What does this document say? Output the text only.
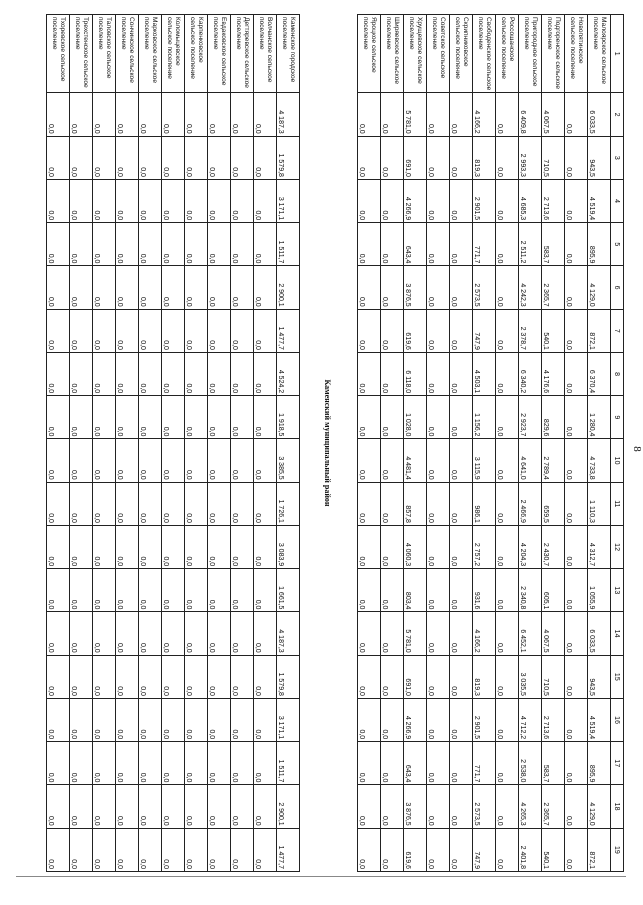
8
1	2	3	4	5	6	7	8	9	10	11	12	13	14	15	16	17	18	19
Малоярское сельское поселение	6 033,5	943,5	4 519,4	895,9	4 129,0	872,1	6 370,4	1 280,4	4 733,8	1 110,3	4 312,7	1 055,9	6 033,5	943,5	4 519,4	895,9	4 129,0	872,1
Новопятинское сельское поселение	0,0	0,0	0,0	0,0	0,0	0,0	0,0	0,0	0,0	0,0	0,0	0,0	0,0	0,0	0,0	0,0	0,0	0,0
Подгоренское сельское поселение	4 067,5	710,5	2 713,6	583,7	2 365,7	540,1	4 176,6	829,6	2 789,4	659,5	2 430,7	605,1	4 067,5	710,5	2 713,6	583,7	2 365,7	540,1
Пригородное сельское поселение	6 409,8	2 993,3	4 685,3	2 511,2	4 242,3	2 378,7	6 340,2	2 923,7	4 641,0	2 466,9	4 204,3	2 340,8	6 452,1	3 035,5	4 712,2	2 538,0	4 265,3	2 401,8
Россошанское сельское поселение	0,0	0,0	0,0	0,0	0,0	0,0	0,0	0,0	0,0	0,0	0,0	0,0	0,0	0,0	0,0	0,0	0,0	0,0
Свободенское сельское поселение	4 166,2	819,3	2 901,5	771,7	2 573,5	747,9	4 503,1	1 156,2	3 115,9	986,1	2 757,2	931,6	4 166,2	819,3	2 901,5	771,7	2 573,5	747,9
Скрипниковское сельское поселение	0,0	0,0	0,0	0,0	0,0	0,0	0,0	0,0	0,0	0,0	0,0	0,0	0,0	0,0	0,0	0,0	0,0	0,0
Советское сельское поселение	0,0	0,0	0,0	0,0	0,0	0,0	0,0	0,0	0,0	0,0	0,0	0,0	0,0	0,0	0,0	0,0	0,0	0,0
Хрущевское сельское поселение	5 781,0	691,0	4 266,9	643,4	3 876,5	619,6	6 118,0	1 028,0	4 481,4	857,8	4 060,3	803,4	5 781,0	691,0	4 266,9	643,4	3 876,5	619,6
Ширяевское сельское поселение	0,0	0,0	0,0	0,0	0,0	0,0	0,0	0,0	0,0	0,0	0,0	0,0	0,0	0,0	0,0	0,0	0,0	0,0
Яроцкое сельское поселение	0,0	0,0	0,0	0,0	0,0	0,0	0,0	0,0	0,0	0,0	0,0	0,0	0,0	0,0	0,0	0,0	0,0	0,0
Каменский муниципальный район
Каменское городское поселение	4 187,3	1 579,8	3 171,1	1 511,7	2 900,1	1 477,7	4 524,2	1 918,5	3 385,5	1 726,1	3 083,9	1 661,5	4 187,3	1 579,8	3 171,1	1 511,7	2 900,1	1 477,7
Волчанское сельское поселение	0,0	0,0	0,0	0,0	0,0	0,0	0,0	0,0	0,0	0,0	0,0	0,0	0,0	0,0	0,0	0,0	0,0	0,0
Дегтяревское сельское поселение	0,0	0,0	0,0	0,0	0,0	0,0	0,0	0,0	0,0	0,0	0,0	0,0	0,0	0,0	0,0	0,0	0,0	0,0
Евдаковское сельское поселение	0,0	0,0	0,0	0,0	0,0	0,0	0,0	0,0	0,0	0,0	0,0	0,0	0,0	0,0	0,0	0,0	0,0	0,0
Карпенковское сельское поселение	0,0	0,0	0,0	0,0	0,0	0,0	0,0	0,0	0,0	0,0	0,0	0,0	0,0	0,0	0,0	0,0	0,0	0,0
Коломыцевское сельское поселение	0,0	0,0	0,0	0,0	0,0	0,0	0,0	0,0	0,0	0,0	0,0	0,0	0,0	0,0	0,0	0,0	0,0	0,0
Марковское сельское поселение	0,0	0,0	0,0	0,0	0,0	0,0	0,0	0,0	0,0	0,0	0,0	0,0	0,0	0,0	0,0	0,0	0,0	0,0
Сончинское сельское поселение	0,0	0,0	0,0	0,0	0,0	0,0	0,0	0,0	0,0	0,0	0,0	0,0	0,0	0,0	0,0	0,0	0,0	0,0
Таловское сельское поселение	0,0	0,0	0,0	0,0	0,0	0,0	0,0	0,0	0,0	0,0	0,0	0,0	0,0	0,0	0,0	0,0	0,0	0,0
Трехстенское сельское поселение	0,0	0,0	0,0	0,0	0,0	0,0	0,0	0,0	0,0	0,0	0,0	0,0	0,0	0,0	0,0	0,0	0,0	0,0
Тхоревское сельское поселение	0,0	0,0	0,0	0,0	0,0	0,0	0,0	0,0	0,0	0,0	0,0	0,0	0,0	0,0	0,0	0,0	0,0	0,0
